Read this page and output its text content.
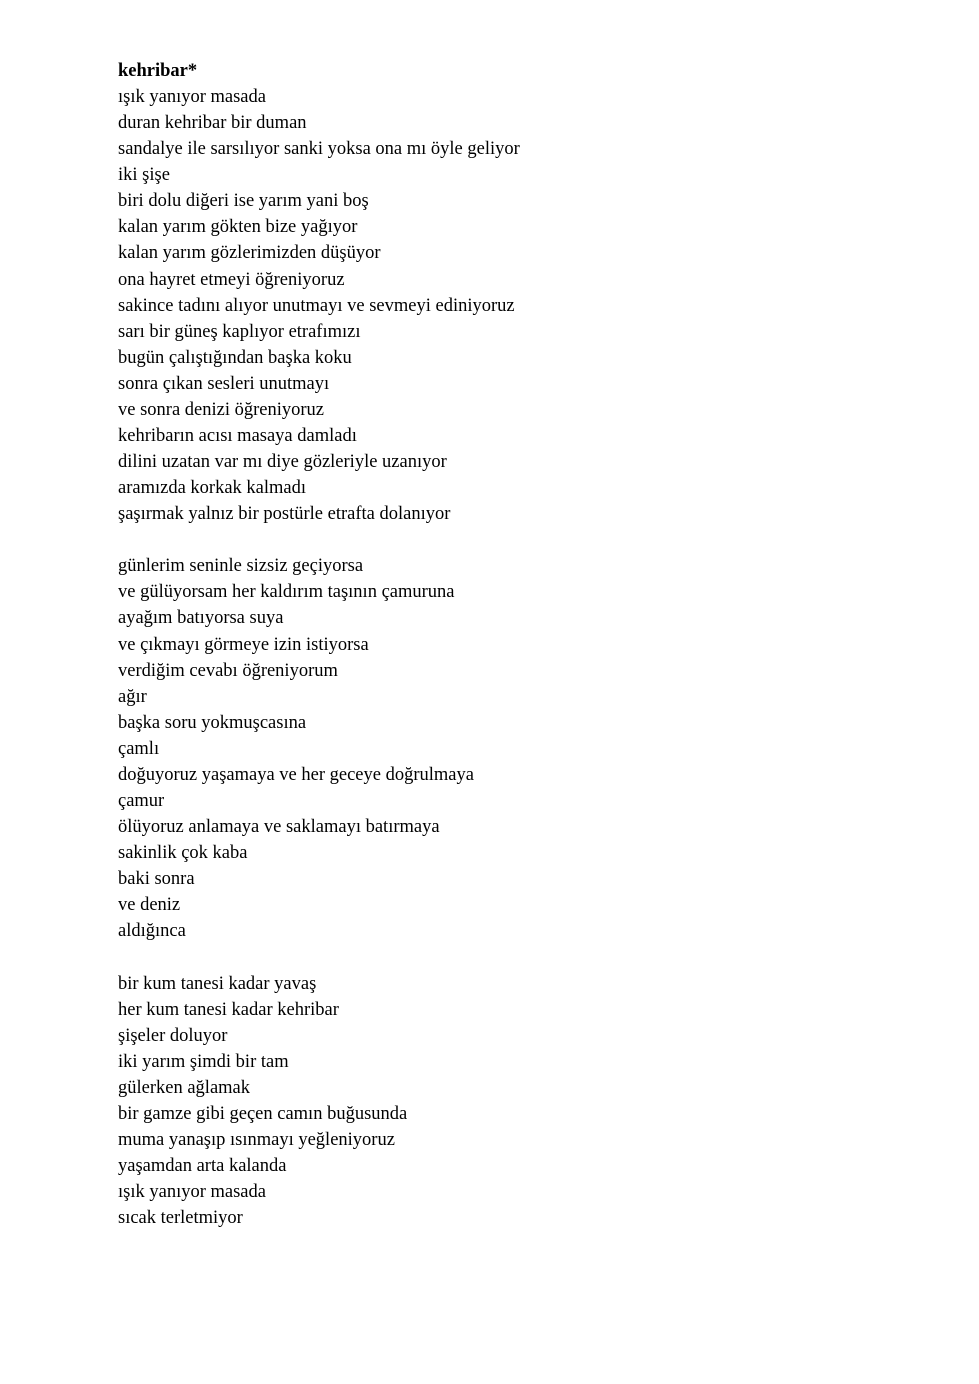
kehribar*
ışık yanıyor masada
duran kehribar bir duman
sandalye ile sarsılıyor sanki yoksa ona mı öyle geliyor
iki şişe
biri dolu diğeri ise yarım yani boş
kalan yarım gökten bize yağıyor
kalan yarım gözlerimizden düşüyor
ona hayret etmeyi öğreniyoruz
sakince tadını alıyor unutmayı ve sevmeyi ediniyoruz
sarı bir güneş kaplıyor etrafımızı
bugün çalıştığından başka koku
sonra çıkan sesleri unutmayı
ve sonra denizi öğreniyoruz
kehribarın acısı masaya damladı
dilini uzatan var mı diye gözleriyle uzanıyor
aramızda korkak kalmadı
şaşırmak yalnız bir postürle etrafta dolanıyor
günlerim seninle sizsiz geçiyorsa
ve gülüyorsam her kaldırım taşının çamuruna
ayağım batıyorsa suya
ve çıkmayı görmeye izin istiyorsa
verdiğim cevabı öğreniyorum
ağır
başka soru yokmuşcasına
çamlı
doğuyoruz yaşamaya ve her geceye doğrulmaya
çamur
ölüyoruz anlamaya ve saklamayı batırmaya
sakinlik çok kaba
baki sonra
ve deniz
aldığınca
bir kum tanesi kadar yavaş
her kum tanesi kadar kehribar
şişeler doluyor
iki yarım şimdi bir tam
gülerken ağlamak
bir gamze gibi geçen camın buğusunda
muma yanaşıp ısınmayı yeğleniyoruz
yaşamdan arta kalanda
ışık yanıyor masada
sıcak terletmiyor
